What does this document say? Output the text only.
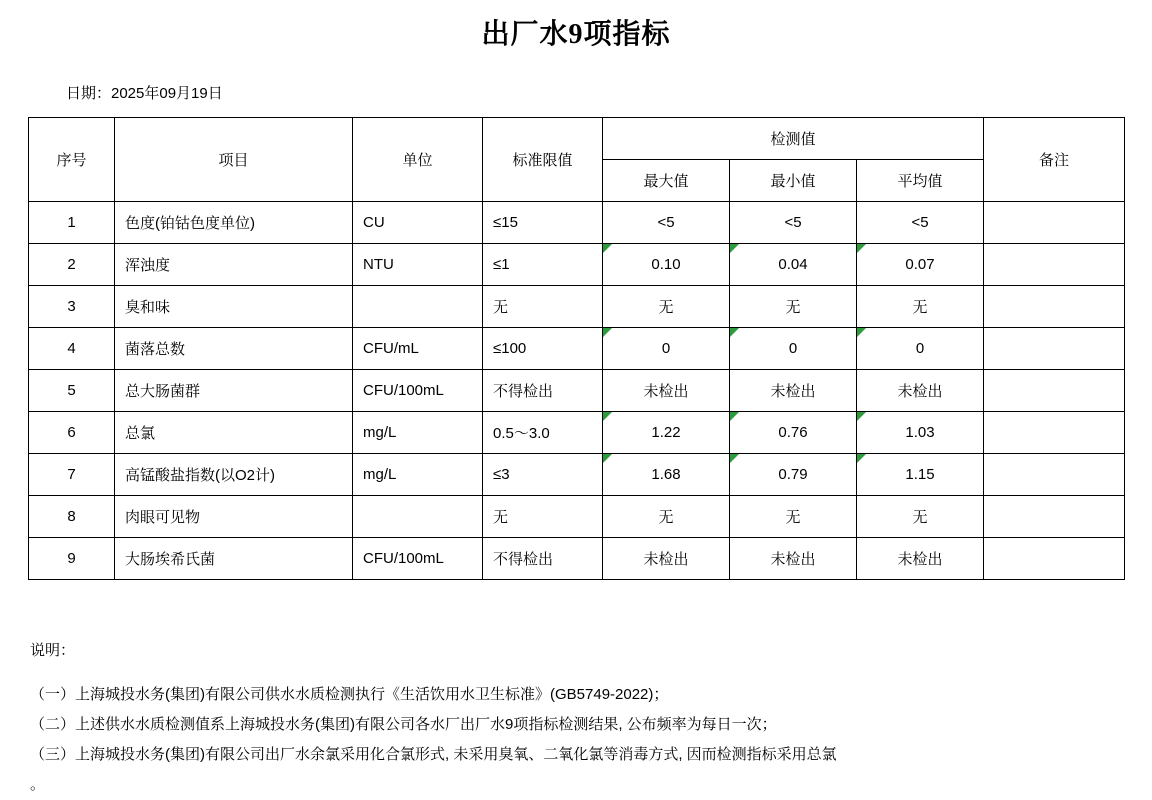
出厂水9项指标
日期：2025年09月19日
序号	项目	单位	标准限值	检测值			备注
				最大值	最小值	平均值	
1	色度(铂钴色度单位)	CU	≤15	<5	<5	<5	
2	浑浊度	NTU	≤1	0.10	0.04	0.07	
3	臭和味		无	无	无	无	
4	菌落总数	CFU/mL	≤100	0	0	0	
5	总大肠菌群	CFU/100mL	不得检出	未检出	未检出	未检出	
6	总氯	mg/L	0.5～3.0	1.22	0.76	1.03	
7	高锰酸盐指数(以O2计)	mg/L	≤3	1.68	0.79	1.15	
8	肉眼可见物		无	无	无	无	
9	大肠埃希氏菌	CFU/100mL	不得检出	未检出	未检出	未检出	
说明：
（一）上海城投水务(集团)有限公司供水水质检测执行《生活饮用水卫生标准》(GB5749-2022)；
（二）上述供水水质检测值系上海城投水务(集团)有限公司各水厂出厂水9项指标检测结果, 公布频率为每日一次；
（三）上海城投水务(集团)有限公司出厂水余氯采用化合氯形式, 未采用臭氧、二氧化氯等消毒方式, 因而检测指标采用总氯
。
